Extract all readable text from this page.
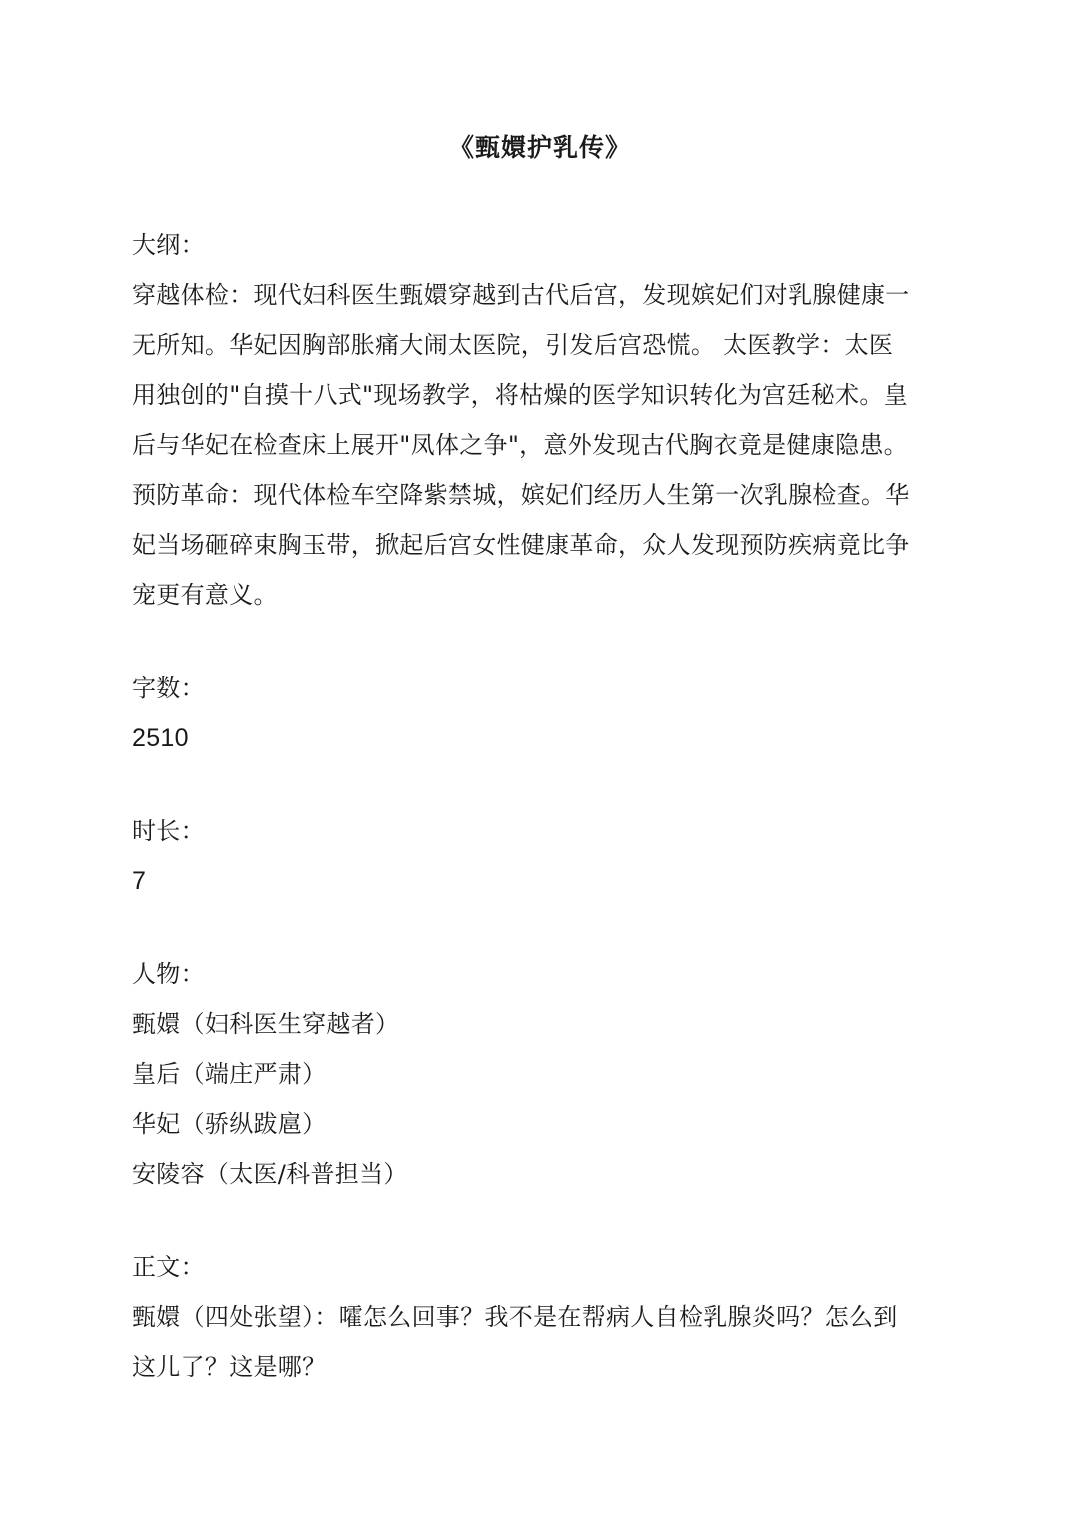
《甄嬛护乳传》
大纲：
穿越体检：现代妇科医生甄嬛穿越到古代后宫，发现嫔妃们对乳腺健康一
无所知。华妃因胸部胀痛大闹太医院，引发后宫恐慌。 太医教学：太医
用独创的"自摸十八式"现场教学，将枯燥的医学知识转化为宫廷秘术。皇
后与华妃在检查床上展开"凤体之争"，意外发现古代胸衣竟是健康隐患。
预防革命：现代体检车空降紫禁城，嫔妃们经历人生第一次乳腺检查。华
妃当场砸碎束胸玉带，掀起后宫女性健康革命，众人发现预防疾病竟比争
宠更有意义。
字数：
2510
时长：
7
人物：
甄嬛（妇科医生穿越者）
皇后（端庄严肃）
华妃（骄纵跋扈）
安陵容（太医/科普担当）
正文：
甄嬛（四处张望）：嚯怎么回事？我不是在帮病人自检乳腺炎吗？怎么到
这儿了？这是哪？
